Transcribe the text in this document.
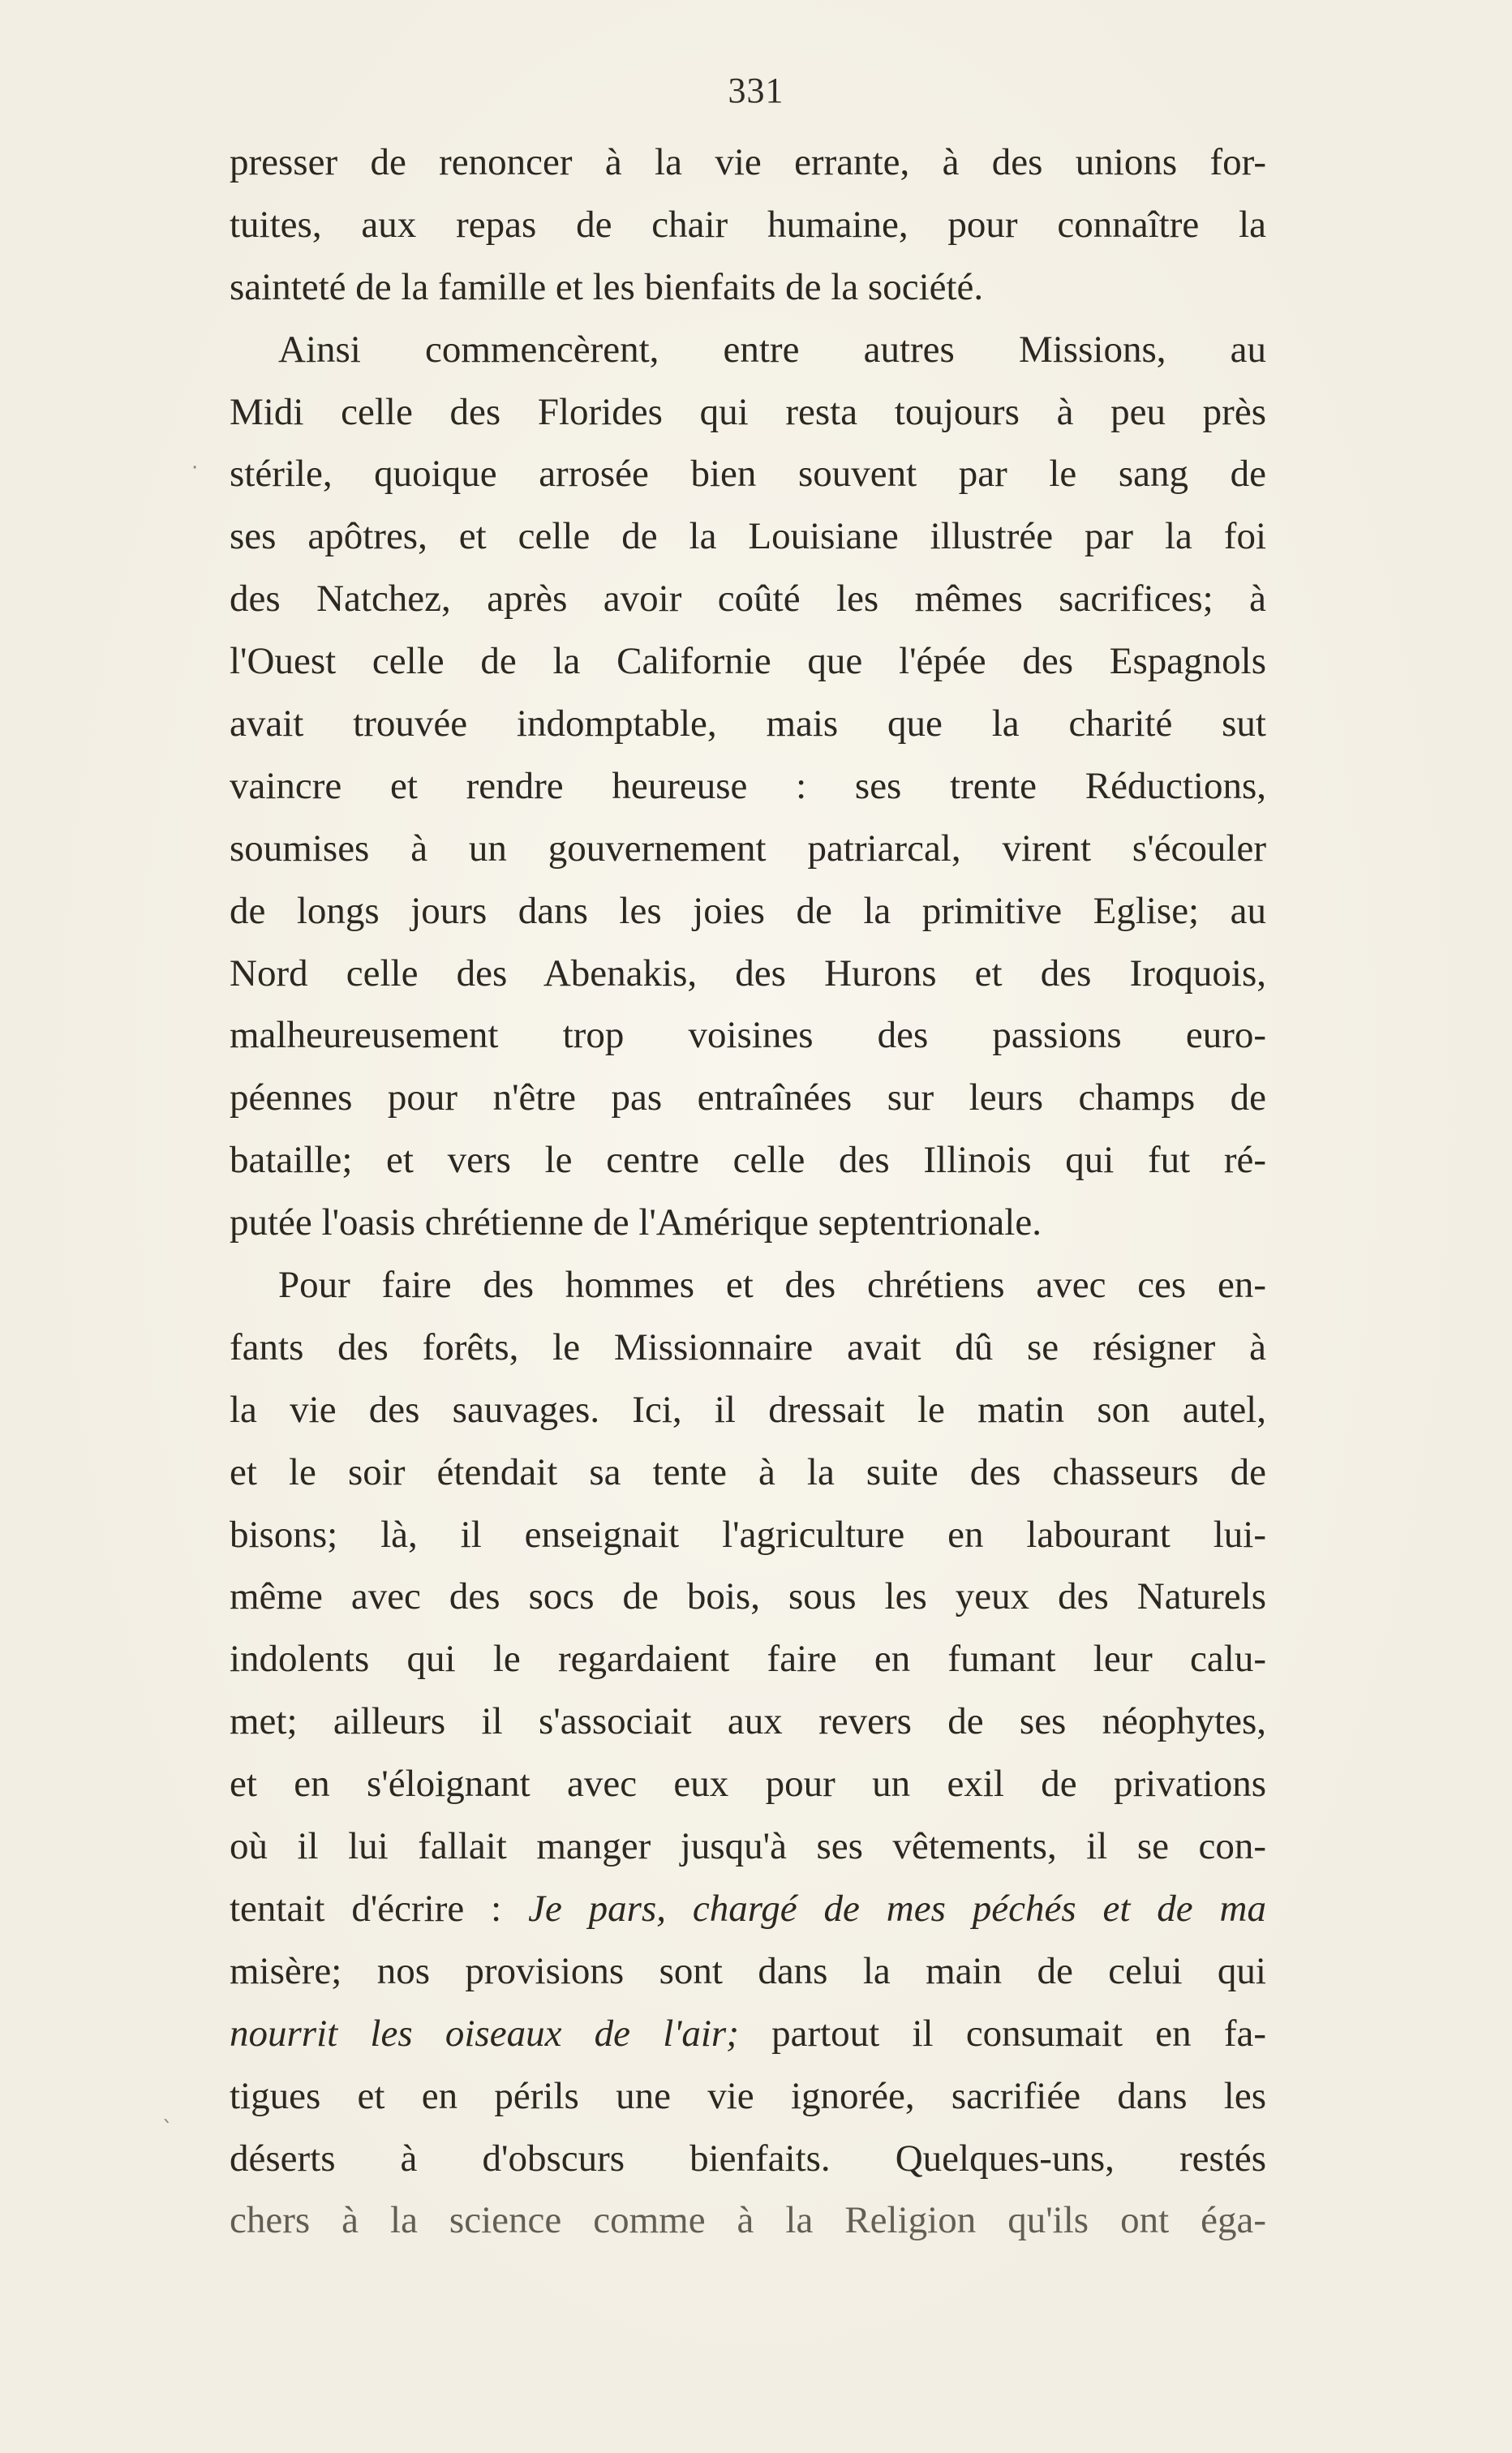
331
presser de renoncer à la vie errante, à des unions for-
tuites, aux repas de chair humaine, pour connaître la
sainteté de la famille et les bienfaits de la société.
Ainsi commencèrent, entre autres Missions, au
Midi celle des Florides qui resta toujours à peu près
stérile, quoique arrosée bien souvent par le sang de
ses apôtres, et celle de la Louisiane illustrée par la foi
des Natchez, après avoir coûté les mêmes sacrifices; à
l'Ouest celle de la Californie que l'épée des Espagnols
avait trouvée indomptable, mais que la charité sut
vaincre et rendre heureuse : ses trente Réductions,
soumises à un gouvernement patriarcal, virent s'écouler
de longs jours dans les joies de la primitive Eglise; au
Nord celle des Abenakis, des Hurons et des Iroquois,
malheureusement trop voisines des passions euro-
péennes pour n'être pas entraînées sur leurs champs de
bataille; et vers le centre celle des Illinois qui fut ré-
putée l'oasis chrétienne de l'Amérique septentrionale.
Pour faire des hommes et des chrétiens avec ces en-
fants des forêts, le Missionnaire avait dû se résigner à
la vie des sauvages. Ici, il dressait le matin son autel,
et le soir étendait sa tente à la suite des chasseurs de
bisons; là, il enseignait l'agriculture en labourant lui-
même avec des socs de bois, sous les yeux des Naturels
indolents qui le regardaient faire en fumant leur calu-
met; ailleurs il s'associait aux revers de ses néophytes,
et en s'éloignant avec eux pour un exil de privations
où il lui fallait manger jusqu'à ses vêtements, il se con-
tentait d'écrire : Je pars, chargé de mes péchés et de ma
misère; nos provisions sont dans la main de celui qui
nourrit les oiseaux de l'air; partout il consumait en fa-
tigues et en périls une vie ignorée, sacrifiée dans les
déserts à d'obscurs bienfaits. Quelques-uns, restés
chers à la science comme à la Religion qu'ils ont éga-
·
`
